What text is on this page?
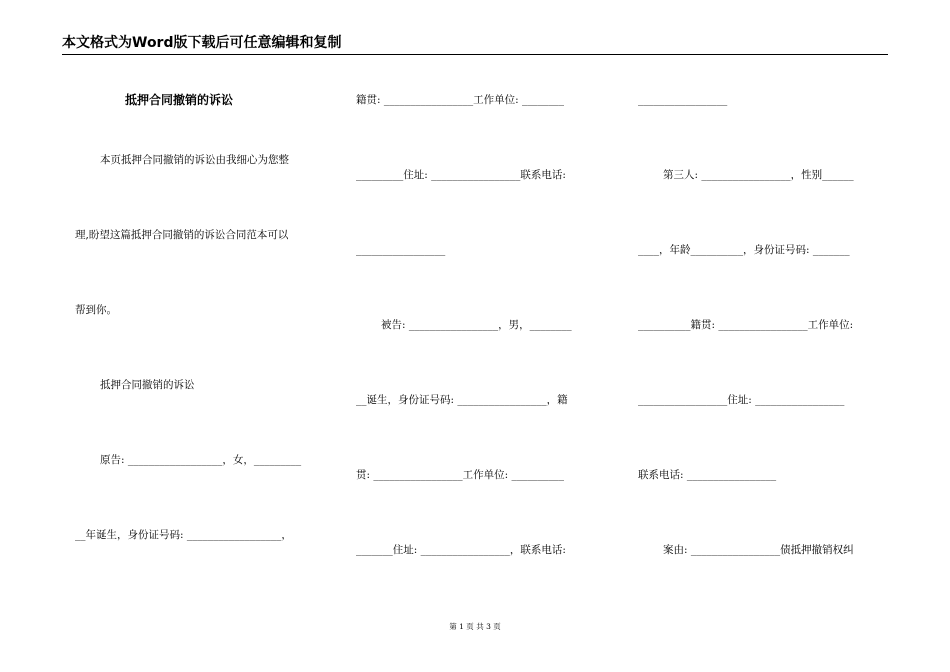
本文格式为Word版下载后可任意编辑和复制
抵押合同撤销的诉讼
本页抵押合同撤销的诉讼由我细心为您整
理,盼望这篇抵押合同撤销的诉讼合同范本可以
帮到你。
抵押合同撤销的诉讼
原告: __________________，女，_________
__年诞生，身份证号码: __________________，
籍贯: _________________工作单位: ________
_________住址: _________________联系电话:
_________________
被告: _________________，男，________
__诞生，身份证号码: _________________，籍
贯: _________________工作单位: __________
_______住址: _________________，联系电话:
_________________
第三人: _________________，性别______
____，年龄__________，身份证号码: _______
__________籍贯: _________________工作单位:
_________________住址: _________________
联系电话: _________________
案由: _________________债抵押撤销权纠
第 1 页 共 3 页
